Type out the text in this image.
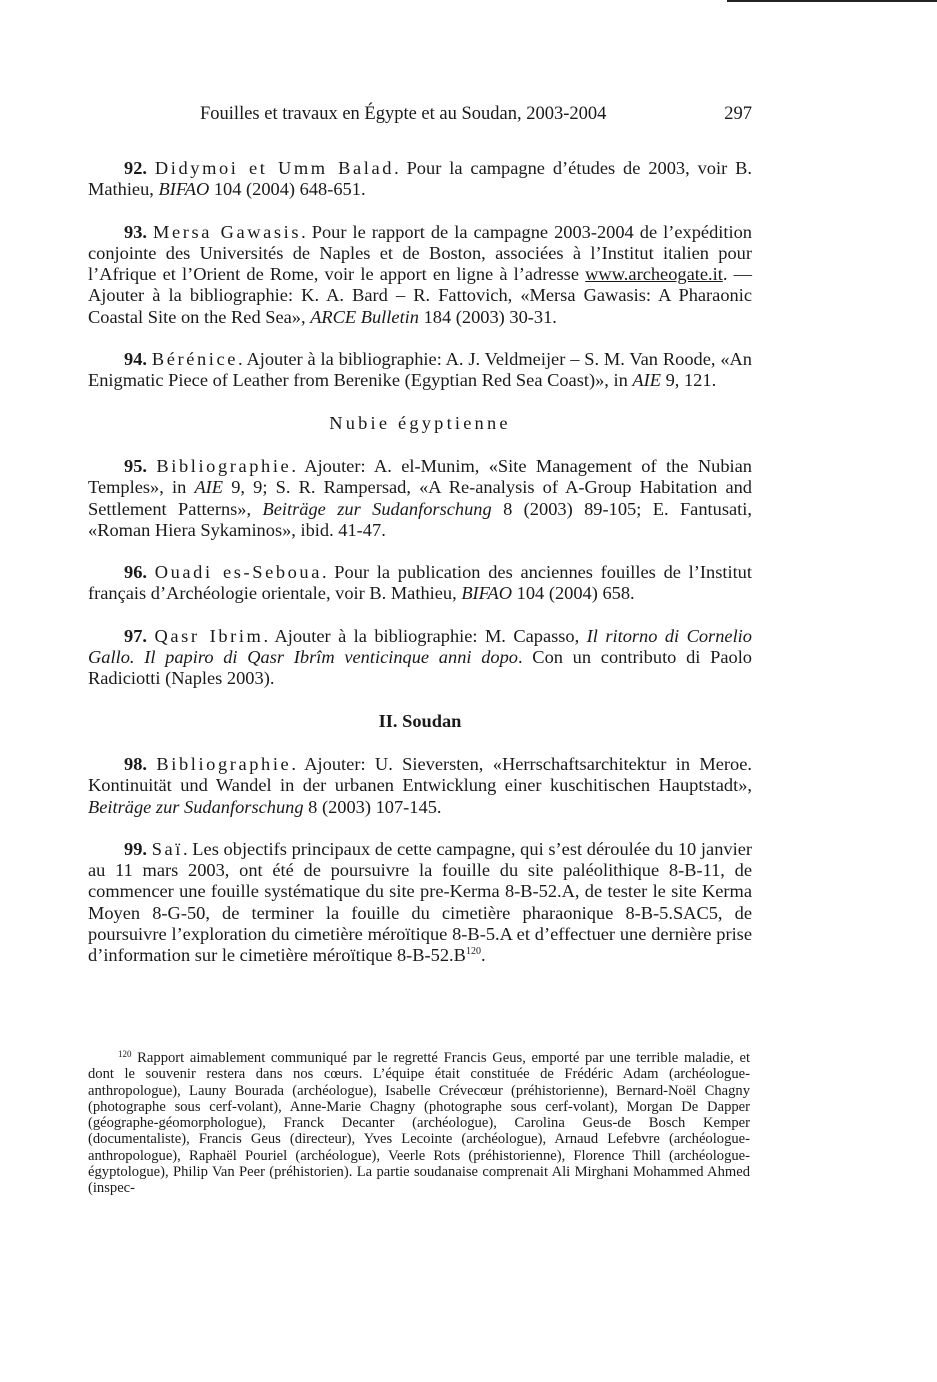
Fouilles et travaux en Égypte et au Soudan, 2003-2004	297

92. Didymoi et Umm Balad. Pour la campagne d’études de 2003, voir B. Mathieu, BIFAO 104 (2004) 648-651.

93. Mersa Gawasis. Pour le rapport de la campagne 2003-2004 de l’expédition conjointe des Universités de Naples et de Boston, associées à l’Institut italien pour l’Afrique et l’Orient de Rome, voir le apport en ligne à l’adresse www.archeogate.it. — Ajouter à la bibliographie: K. A. Bard – R. Fattovich, «Mersa Gawasis: A Pharaonic Coastal Site on the Red Sea», ARCE Bulletin 184 (2003) 30-31.

94. Bérénice. Ajouter à la bibliographie: A. J. Veldmeijer – S. M. Van Roode, «An Enigmatic Piece of Leather from Berenike (Egyptian Red Sea Coast)», in AIE 9, 121.

Nubie égyptienne

95. Bibliographie. Ajouter: A. el-Munim, «Site Management of the Nubian Temples», in AIE 9, 9; S. R. Rampersad, «A Re-analysis of A-Group Habitation and Settlement Patterns», Beiträge zur Sudanforschung 8 (2003) 89-105; E. Fantusati, «Roman Hiera Sykaminos», ibid. 41-47.

96. Ouadi es-Seboua. Pour la publication des anciennes fouilles de l’Institut français d’Archéologie orientale, voir B. Mathieu, BIFAO 104 (2004) 658.

97. Qasr Ibrim. Ajouter à la bibliographie: M. Capasso, Il ritorno di Cornelio Gallo. Il papiro di Qasr Ibrîm venticinque anni dopo. Con un contributo di Paolo Radiciotti (Naples 2003).

II. Soudan

98. Bibliographie. Ajouter: U. Sieversten, «Herrschaftsarchitektur in Meroe. Kontinuität und Wandel in der urbanen Entwicklung einer kuschitischen Hauptstadt», Beiträge zur Sudanforschung 8 (2003) 107-145.

99. Saï. Les objectifs principaux de cette campagne, qui s’est déroulée du 10 janvier au 11 mars 2003, ont été de poursuivre la fouille du site paléolithique 8-B-11, de commencer une fouille systématique du site pre-Kerma 8-B-52.A, de tester le site Kerma Moyen 8-G-50, de terminer la fouille du cimetière pharaonique 8-B-5.SAC5, de poursuivre l’exploration du cimetière méroïtique 8-B-5.A et d’effectuer une dernière prise d’information sur le cimetière méroïtique $8-B-52.B^{120}$.

$^{120}$ Rapport aimablement communiqué par le regretté Francis Geus, emporté par une terrible maladie, et dont le souvenir restera dans nos cœurs. L’équipe était constituée de Frédéric Adam (archéologue-anthropologue), Launy Bourada (archéologue), Isabelle Crévecœur (préhistorienne), Bernard-Noël Chagny (photographe sous cerf-volant), Anne-Marie Chagny (photographe sous cerf-volant), Morgan De Dapper (géographe-géomorphologue), Franck Decanter (archéologue), Carolina Geus-de Bosch Kemper (documentaliste), Francis Geus (directeur), Yves Lecointe (archéologue), Arnaud Lefebvre (archéologue-anthropologue), Raphaël Pouriel (archéologue), Veerle Rots (préhistorienne), Florence Thill (archéologue-égyptologue), Philip Van Peer (préhistorien). La partie soudanaise comprenait Ali Mirghani Mohammed Ahmed (inspec-
